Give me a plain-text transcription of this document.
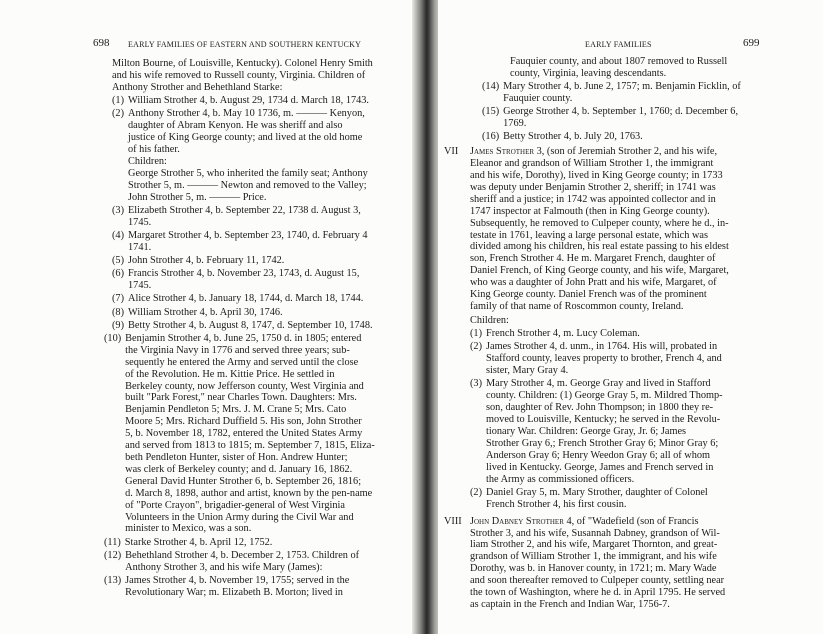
698 EARLY FAMILIES OF EASTERN AND SOUTHERN KENTUCKY
Milton Bourne, of Louisville, Kentucky). Colonel Henry Smith
and his wife removed to Russell county, Virginia. Children of
Anthony Strother and Behethland Starke:
(1) William Strother 4, b. August 29, 1734 d. March 18, 1743.
(2) Anthony Strother 4, b. May 10 1736, m. ——— Kenyon,
daughter of Abram Kenyon. He was sheriff and also
justice of King George county; and lived at the old home
of his father.
Children:
George Strother 5, who inherited the family seat; Anthony
Strother 5, m. ——— Newton and removed to the Valley;
John Strother 5, m. ——— Price.
(3) Elizabeth Strother 4, b. September 22, 1738 d. August 3,
1745.
(4) Margaret Strother 4, b. September 23, 1740, d. February 4
1741.
(5) John Strother 4, b. February 11, 1742.
(6) Francis Strother 4, b. November 23, 1743, d. August 15,
1745.
(7) Alice Strother 4, b. January 18, 1744, d. March 18, 1744.
(8) William Strother 4, b. April 30, 1746.
(9) Betty Strother 4, b. August 8, 1747, d. September 10, 1748.
(10) Benjamin Strother 4, b. June 25, 1750 d. in 1805; entered
the Virginia Navy in 1776 and served three years; sub-
sequently he entered the Army and served until the close
of the Revolution. He m. Kittie Price. He settled in
Berkeley county, now Jefferson county, West Virginia and
built "Park Forest," near Charles Town. Daughters: Mrs.
Benjamin Pendleton 5; Mrs. J. M. Crane 5; Mrs. Cato
Moore 5; Mrs. Richard Duffield 5. His son, John Strother
5, b. November 18, 1782, entered the United States Army
and served from 1813 to 1815; m. September 7, 1815, Eliza-
beth Pendleton Hunter, sister of Hon. Andrew Hunter;
was clerk of Berkeley county; and d. January 16, 1862.
General David Hunter Strother 6, b. September 26, 1816;
d. March 8, 1898, author and artist, known by the pen-name
of "Porte Crayon", brigadier-general of West Virginia
Volunteers in the Union Army during the Civil War and
minister to Mexico, was a son.
(11) Starke Strother 4, b. April 12, 1752.
(12) Behethland Strother 4, b. December 2, 1753. Children of
Anthony Strother 3, and his wife Mary (James):
(13) James Strother 4, b. November 19, 1755; served in the
Revolutionary War; m. Elizabeth B. Morton; lived in
EARLY FAMILIES	699
Fauquier county, and about 1807 removed to Russell
county, Virginia, leaving descendants.
(14) Mary Strother 4, b. June 2, 1757; m. Benjamin Ficklin, of
Fauquier county.
(15) George Strother 4, b. September 1, 1760; d. December 6,
1769.
(16) Betty Strother 4, b. July 20, 1763.
VII	James Strother 3, (son of Jeremiah Strother 2, and his wife,
Eleanor and grandson of William Strother 1, the immigrant
and his wife, Dorothy), lived in King George county; in 1733
was deputy under Benjamin Strother 2, sheriff; in 1741 was
sheriff and a justice; in 1742 was appointed collector and in
1747 inspector at Falmouth (then in King George county).
Subsequently, he removed to Culpeper county, where he d., in-
testate in 1761, leaving a large personal estate, which was
divided among his children, his real estate passing to his eldest
son, French Strother 4. He m. Margaret French, daughter of
Daniel French, of King George county, and his wife, Margaret,
who was a daughter of John Pratt and his wife, Margaret, of
King George county. Daniel French was of the prominent
family of that name of Roscommon county, Ireland.
Children:
(1) French Strother 4, m. Lucy Coleman.
(2) James Strother 4, d. unm., in 1764. His will, probated in
Stafford county, leaves property to brother, French 4, and
sister, Mary Gray 4.
(3) Mary Strother 4, m. George Gray and lived in Stafford
county. Children: (1) George Gray 5, m. Mildred Thomp-
son, daughter of Rev. John Thompson; in 1800 they re-
moved to Louisville, Kentucky; he served in the Revolu-
tionary War. Children: George Gray, Jr. 6; James
Strother Gray 6,; French Strother Gray 6; Minor Gray 6;
Anderson Gray 6; Henry Weedon Gray 6; all of whom
lived in Kentucky. George, James and French served in
the Army as commissioned officers.
(2) Daniel Gray 5, m. Mary Strother, daughter of Colonel
French Strother 4, his first cousin.
VIII John Dabney Strother 4, of "Wadefield (son of Francis
Strother 3, and his wife, Susannah Dabney, grandson of Wil-
liam Strother 2, and his wife, Margaret Thornton, and great-
grandson of William Strother 1, the immigrant, and his wife
Dorothy, was b. in Hanover county, in 1721; m. Mary Wade
and soon thereafter removed to Culpeper county, settling near
the town of Washington, where he d. in April 1795. He served
as captain in the French and Indian War, 1756-7.
